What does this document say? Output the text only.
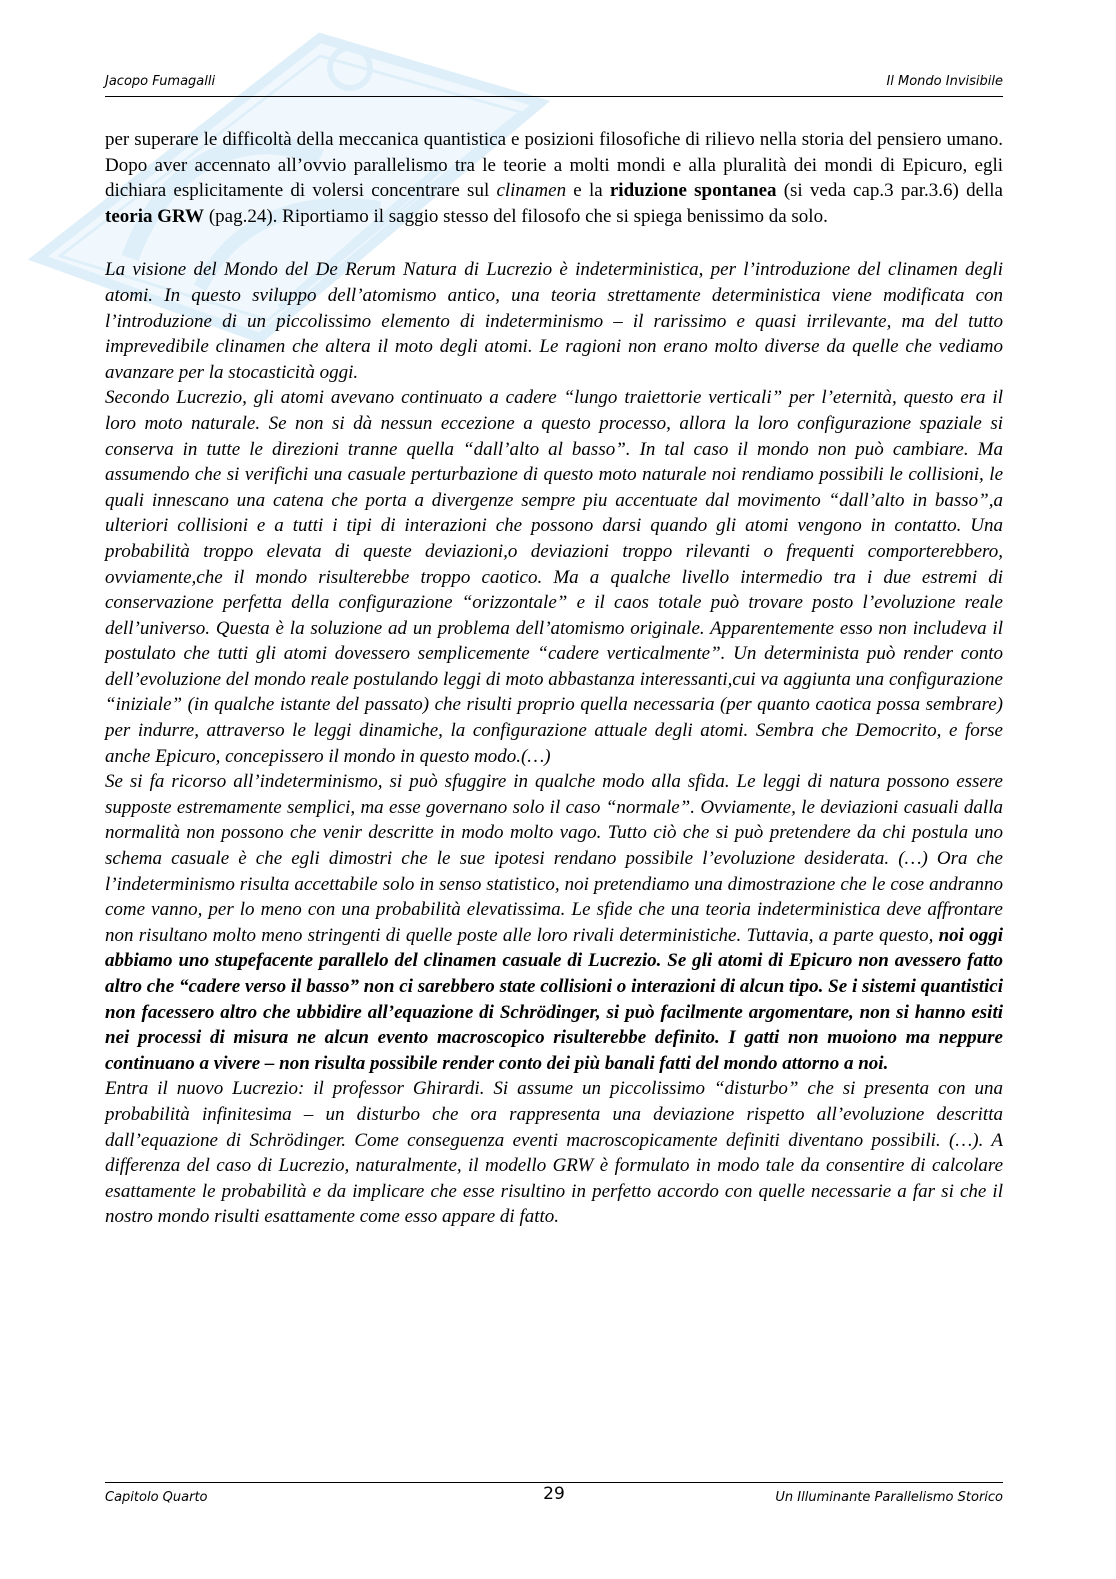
Jacopo Fumagalli	Il Mondo Invisibile

per superare le difficoltà della meccanica quantistica e posizioni filosofiche di rilievo nella storia del pensiero umano. Dopo aver accennato all’ovvio parallelismo tra le teorie a molti mondi e alla pluralità dei mondi di Epicuro, egli dichiara esplicitamente di volersi concentrare sul clinamen e la riduzione spontanea (si veda cap.3 par.3.6) della teoria GRW (pag.24). Riportiamo il saggio stesso del filosofo che si spiega benissimo da solo.

La visione del Mondo del De Rerum Natura di Lucrezio è indeterministica, per l’introduzione del clinamen degli atomi. In questo sviluppo dell’atomismo antico, una teoria strettamente deterministica viene modificata con l’introduzione di un piccolissimo elemento di indeterminismo – il rarissimo e quasi irrilevante, ma del tutto imprevedibile clinamen che altera il moto degli atomi. Le ragioni non erano molto diverse da quelle che vediamo avanzare per la stocasticità oggi.

Secondo Lucrezio, gli atomi avevano continuato a cadere “lungo traiettorie verticali” per l’eternità, questo era il loro moto naturale. Se non si dà nessun eccezione a questo processo, allora la loro configurazione spaziale si conserva in tutte le direzioni tranne quella “dall’alto al basso”. In tal caso il mondo non può cambiare. Ma assumendo che si verifichi una casuale perturbazione di questo moto naturale noi rendiamo possibili le collisioni, le quali innescano una catena che porta a divergenze sempre piu accentuate dal movimento “dall’alto in basso”,a ulteriori collisioni e a tutti i tipi di interazioni che possono darsi quando gli atomi vengono in contatto. Una probabilità troppo elevata di queste deviazioni,o deviazioni troppo rilevanti o frequenti comporterebbero, ovviamente,che il mondo risulterebbe troppo caotico. Ma a qualche livello intermedio tra i due estremi di conservazione perfetta della configurazione “orizzontale” e il caos totale può trovare posto l’evoluzione reale dell’universo. Questa è la soluzione ad un problema dell’atomismo originale. Apparentemente esso non includeva il postulato che tutti gli atomi dovessero semplicemente “cadere verticalmente”. Un determinista può render conto dell’evoluzione del mondo reale postulando leggi di moto abbastanza interessanti,cui va aggiunta una configurazione “iniziale” (in qualche istante del passato) che risulti proprio quella necessaria (per quanto caotica possa sembrare) per indurre, attraverso le leggi dinamiche, la configurazione attuale degli atomi. Sembra che Democrito, e forse anche Epicuro, concepissero il mondo in questo modo.(…)

Se si fa ricorso all’indeterminismo, si può sfuggire in qualche modo alla sfida. Le leggi di natura possono essere supposte estremamente semplici, ma esse governano solo il caso “normale”. Ovviamente, le deviazioni casuali dalla normalità non possono che venir descritte in modo molto vago. Tutto ciò che si può pretendere da chi postula uno schema casuale è che egli dimostri che le sue ipotesi rendano possibile l’evoluzione desiderata. (…) Ora che l’indeterminismo risulta accettabile solo in senso statistico, noi pretendiamo una dimostrazione che le cose andranno come vanno, per lo meno con una probabilità elevatissima. Le sfide che una teoria indeterministica deve affrontare non risultano molto meno stringenti di quelle poste alle loro rivali deterministiche. Tuttavia, a parte questo, noi oggi abbiamo uno stupefacente parallelo del clinamen casuale di Lucrezio. Se gli atomi di Epicuro non avessero fatto altro che “cadere verso il basso” non ci sarebbero state collisioni o interazioni di alcun tipo. Se i sistemi quantistici non facessero altro che ubbidire all’equazione di Schrödinger, si può facilmente argomentare, non si hanno esiti nei processi di misura ne alcun evento macroscopico risulterebbe definito. I gatti non muoiono ma neppure continuano a vivere – non risulta possibile render conto dei più banali fatti del mondo attorno a noi.

Entra il nuovo Lucrezio: il professor Ghirardi. Si assume un piccolissimo “disturbo” che si presenta con una probabilità infinitesima – un disturbo che ora rappresenta una deviazione rispetto all’evoluzione descritta dall’equazione di Schrödinger. Come conseguenza eventi macroscopicamente definiti diventano possibili. (…). A differenza del caso di Lucrezio, naturalmente, il modello GRW è formulato in modo tale da consentire di calcolare esattamente le probabilità e da implicare che esse risultino in perfetto accordo con quelle necessarie a far si che il nostro mondo risulti esattamente come esso appare di fatto.

Capitolo Quarto	29	Un Illuminante Parallelismo Storico
